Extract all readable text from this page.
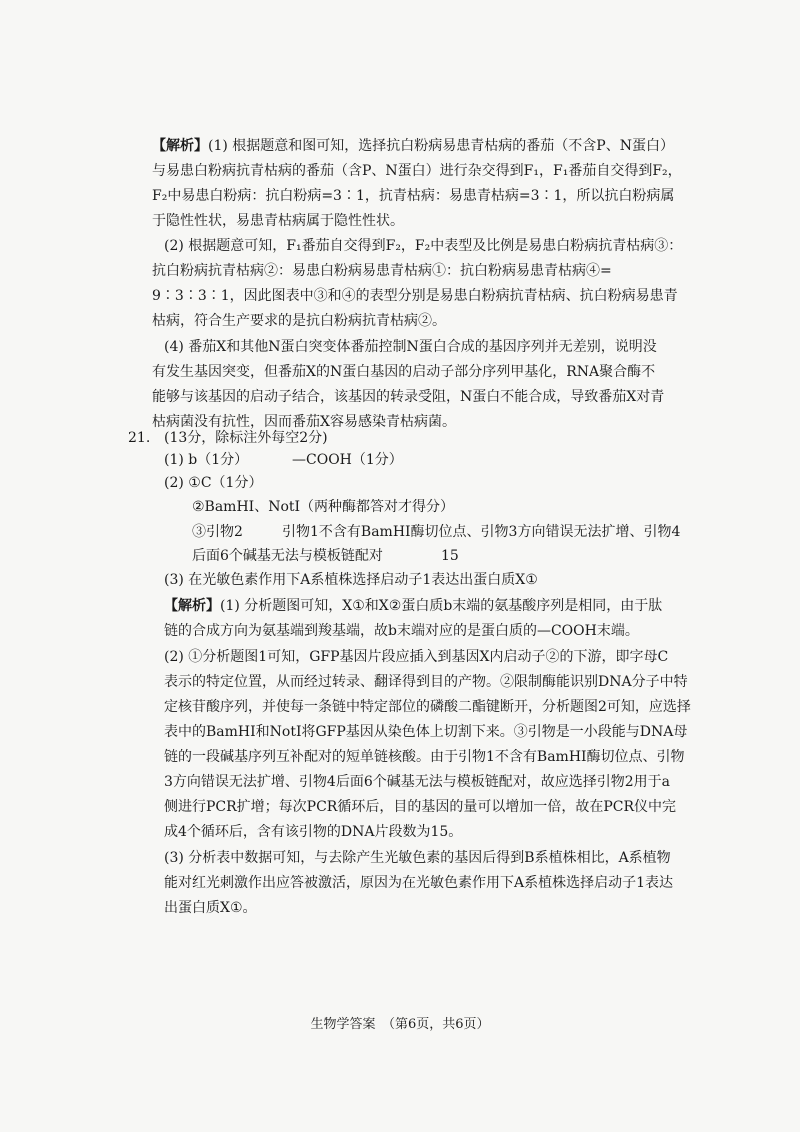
【解析】(1) 根据题意和图可知，选择抗白粉病易患青枯病的番茄（不含P、N蛋白）
与易患白粉病抗青枯病的番茄（含P、N蛋白）进行杂交得到F₁，F₁番茄自交得到F₂，
F₂中易患白粉病：抗白粉病=3∶1，抗青枯病：易患青枯病=3∶1，所以抗白粉病属
于隐性性状，易患青枯病属于隐性性状。
(2) 根据题意可知，F₁番茄自交得到F₂，F₂中表型及比例是易患白粉病抗青枯病③：
抗白粉病抗青枯病②：易患白粉病易患青枯病①：抗白粉病易患青枯病④=
9∶3∶3∶1，因此图表中③和④的表型分别是易患白粉病抗青枯病、抗白粉病易患青
枯病，符合生产要求的是抗白粉病抗青枯病②。
(4) 番茄X和其他N蛋白突变体番茄控制N蛋白合成的基因序列并无差别，说明没
有发生基因突变，但番茄X的N蛋白基因的启动子部分序列甲基化，RNA聚合酶不
能够与该基因的启动子结合，该基因的转录受阻，N蛋白不能合成，导致番茄X对青
枯病菌没有抗性，因而番茄X容易感染青枯病菌。
21. (13分，除标注外每空2分)
(1) b（1分）	—COOH（1分）
(2) ①C（1分）
②BamHI、NotI（两种酶都答对才得分）
③引物2	引物1不含有BamHI酶切位点、引物3方向错误无法扩增、引物4
后面6个碱基无法与模板链配对	15
(3) 在光敏色素作用下A系植株选择启动子1表达出蛋白质X①
【解析】(1) 分析题图可知，X①和X②蛋白质b末端的氨基酸序列是相同，由于肽
链的合成方向为氨基端到羧基端，故b末端对应的是蛋白质的—COOH末端。
(2) ①分析题图1可知，GFP基因片段应插入到基因X内启动子②的下游，即字母C
表示的特定位置，从而经过转录、翻译得到目的产物。②限制酶能识别DNA分子中特
定核苷酸序列，并使每一条链中特定部位的磷酸二酯键断开，分析题图2可知，应选择
表中的BamHI和NotI将GFP基因从染色体上切割下来。③引物是一小段能与DNA母
链的一段碱基序列互补配对的短单链核酸。由于引物1不含有BamHI酶切位点、引物
3方向错误无法扩增、引物4后面6个碱基无法与模板链配对，故应选择引物2用于a
侧进行PCR扩增；每次PCR循环后，目的基因的量可以增加一倍，故在PCR仪中完
成4个循环后，含有该引物的DNA片段数为15。
(3) 分析表中数据可知，与去除产生光敏色素的基因后得到B系植株相比，A系植物
能对红光刺激作出应答被激活，原因为在光敏色素作用下A系植株选择启动子1表达
出蛋白质X①。
生物学答案　（第6页，共6页）
